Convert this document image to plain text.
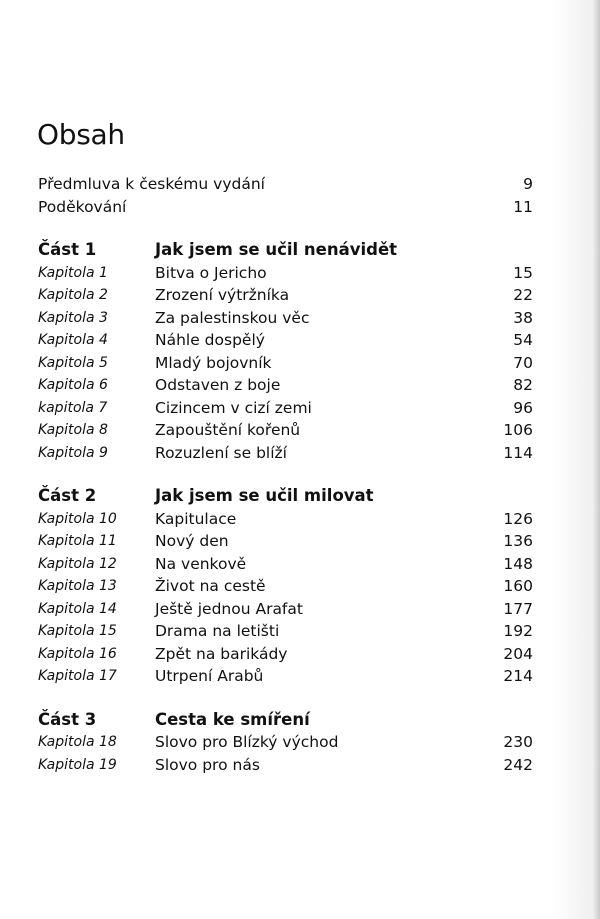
Obsah
Předmluva k českému vydání	9
Poděkování	11
Část 1	Jak jsem se učil nenávidět
Kapitola 1	Bitva o Jericho	15
Kapitola 2	Zrození výtržníka	22
Kapitola 3	Za palestinskou věc	38
Kapitola 4	Náhle dospělý	54
Kapitola 5	Mladý bojovník	70
Kapitola 6	Odstaven z boje	82
kapitola 7	Cizincem v cizí zemi	96
Kapitola 8	Zapouštění kořenů	106
Kapitola 9	Rozuzlení se blíží	114
Část 2	Jak jsem se učil milovat
Kapitola 10 Kapitulace	126
Kapitola 11 Nový den	136
Kapitola 12 Na venkově	148
Kapitola 13 Život na cestě	160
Kapitola 14 Ještě jednou Arafat	177
Kapitola 15 Drama na letišti	192
Kapitola 16 Zpět na barikády	204
Kapitola 17 Utrpení Arabů	214
Část 3	Cesta ke smíření
Kapitola 18 Slovo pro Blízký východ	230
Kapitola 19 Slovo pro nás	242
